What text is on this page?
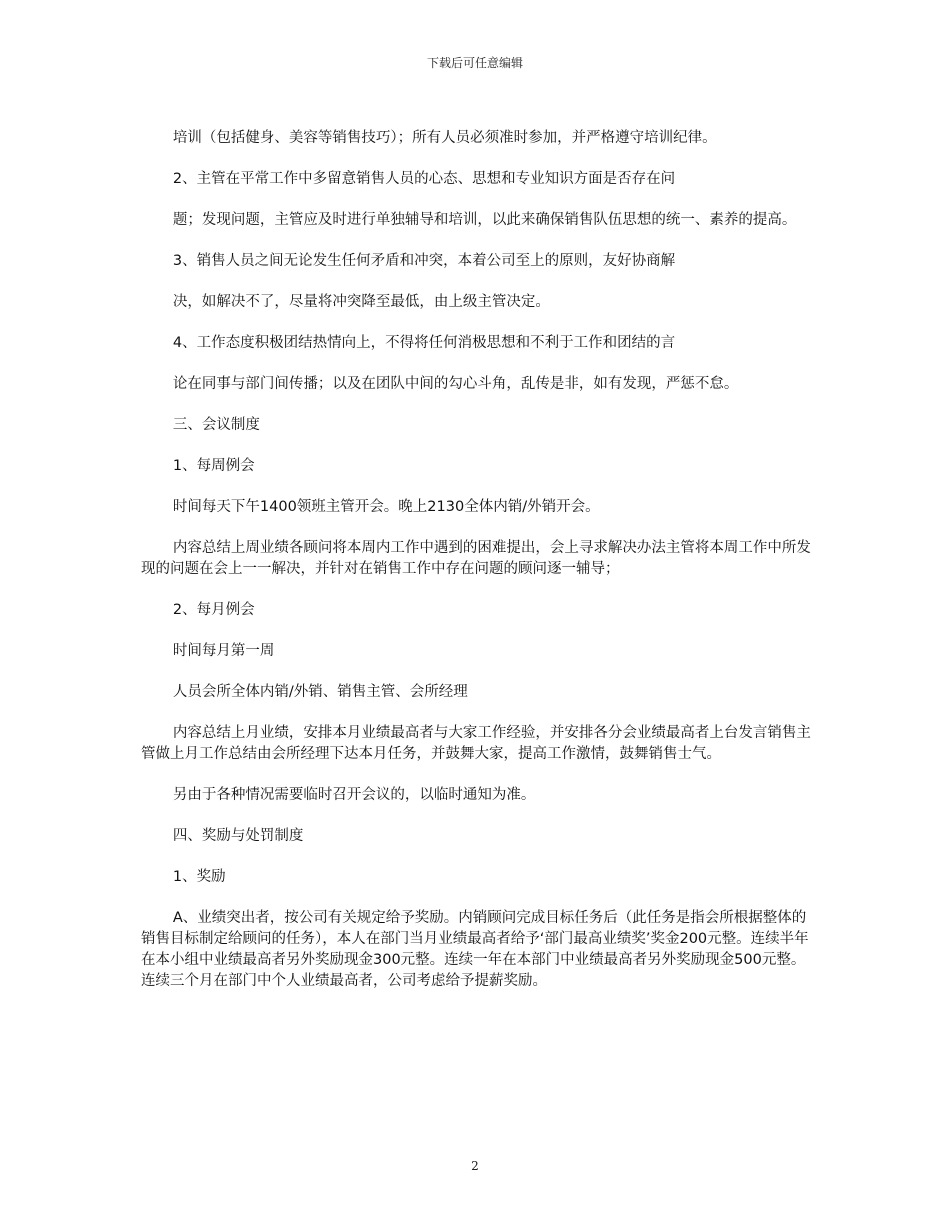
下载后可任意编辑

培训（包括健身、美容等销售技巧）；所有人员必须准时参加，并严格遵守培训纪律。

2、主管在平常工作中多留意销售人员的心态、思想和专业知识方面是否存在问

题；发现问题，主管应及时进行单独辅导和培训，以此来确保销售队伍思想的统一、素养的提高。

3、销售人员之间无论发生任何矛盾和冲突，本着公司至上的原则，友好协商解

决，如解决不了，尽量将冲突降至最低，由上级主管决定。

4、工作态度积极团结热情向上，不得将任何消极思想和不利于工作和团结的言

论在同事与部门间传播；以及在团队中间的勾心斗角，乱传是非，如有发现，严惩不怠。

三、会议制度

1、每周例会

时间每天下午1400领班主管开会。晚上2130全体内销/外销开会。

内容总结上周业绩各顾问将本周内工作中遇到的困难提出，会上寻求解决办法主管将本周工作中所发现的问题在会上一一解决，并针对在销售工作中存在问题的顾问逐一辅导；

2、每月例会

时间每月第一周

人员会所全体内销/外销、销售主管、会所经理

内容总结上月业绩，安排本月业绩最高者与大家工作经验，并安排各分会业绩最高者上台发言销售主管做上月工作总结由会所经理下达本月任务，并鼓舞大家，提高工作激情，鼓舞销售士气。

另由于各种情况需要临时召开会议的，以临时通知为准。

四、奖励与处罚制度

1、奖励

A、业绩突出者，按公司有关规定给予奖励。内销顾问完成目标任务后（此任务是指会所根据整体的销售目标制定给顾问的任务），本人在部门当月业绩最高者给予‘部门最高业绩奖’奖金200元整。连续半年在本小组中业绩最高者另外奖励现金300元整。连续一年在本部门中业绩最高者另外奖励现金500元整。连续三个月在部门中个人业绩最高者，公司考虑给予提薪奖励。

2
